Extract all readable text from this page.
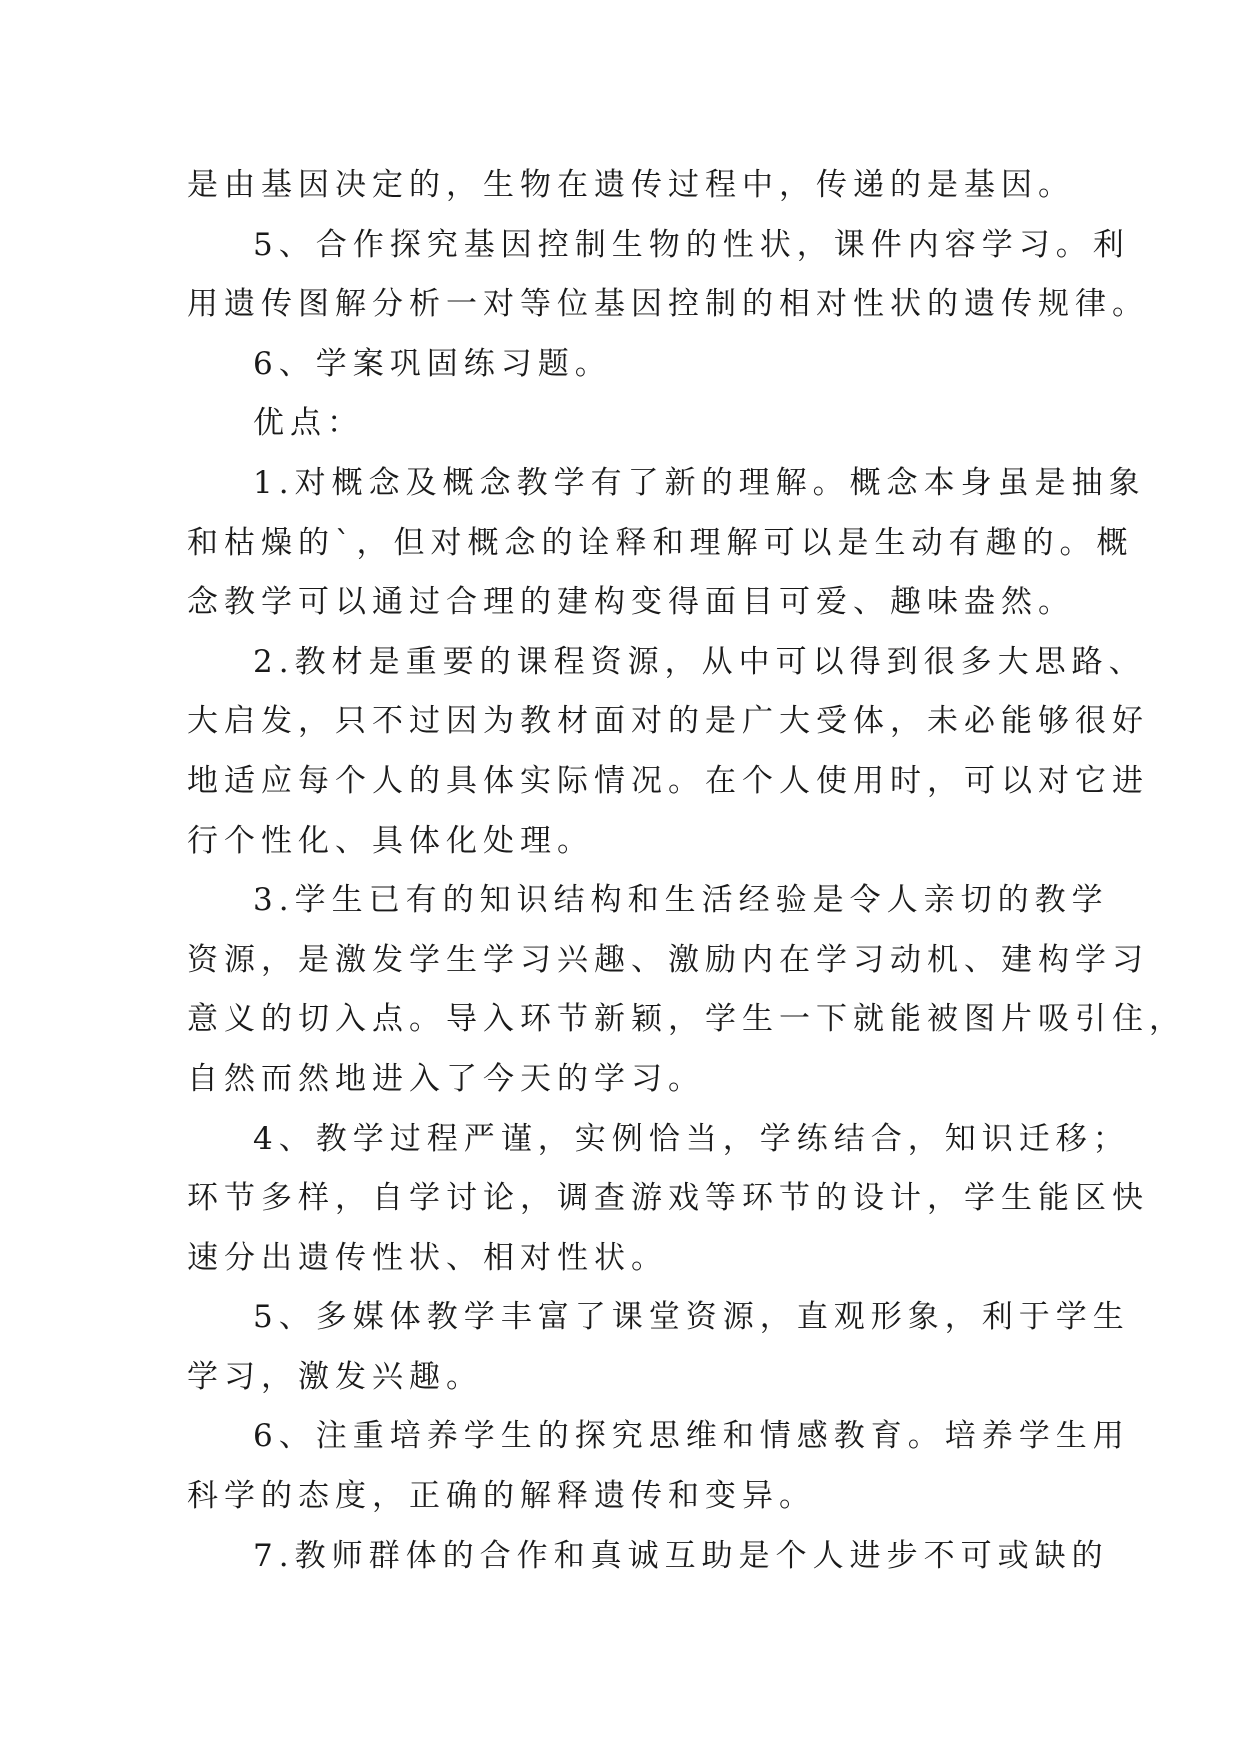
是由基因决定的，生物在遗传过程中，传递的是基因。
5、合作探究基因控制生物的性状，课件内容学习。利
用遗传图解分析一对等位基因控制的相对性状的遗传规律。
6、学案巩固练习题。
优点：
1.对概念及概念教学有了新的理解。概念本身虽是抽象
和枯燥的`，但对概念的诠释和理解可以是生动有趣的。概
念教学可以通过合理的建构变得面目可爱、趣味盎然。
2.教材是重要的课程资源，从中可以得到很多大思路、
大启发，只不过因为教材面对的是广大受体，未必能够很好
地适应每个人的具体实际情况。在个人使用时，可以对它进
行个性化、具体化处理。
3.学生已有的知识结构和生活经验是令人亲切的教学
资源，是激发学生学习兴趣、激励内在学习动机、建构学习
意义的切入点。导入环节新颖，学生一下就能被图片吸引住，
自然而然地进入了今天的学习。
4、教学过程严谨，实例恰当，学练结合，知识迁移；
环节多样，自学讨论，调查游戏等环节的设计，学生能区快
速分出遗传性状、相对性状。
5、多媒体教学丰富了课堂资源，直观形象，利于学生
学习，激发兴趣。
6、注重培养学生的探究思维和情感教育。培养学生用
科学的态度，正确的解释遗传和变异。
7.教师群体的合作和真诚互助是个人进步不可或缺的
